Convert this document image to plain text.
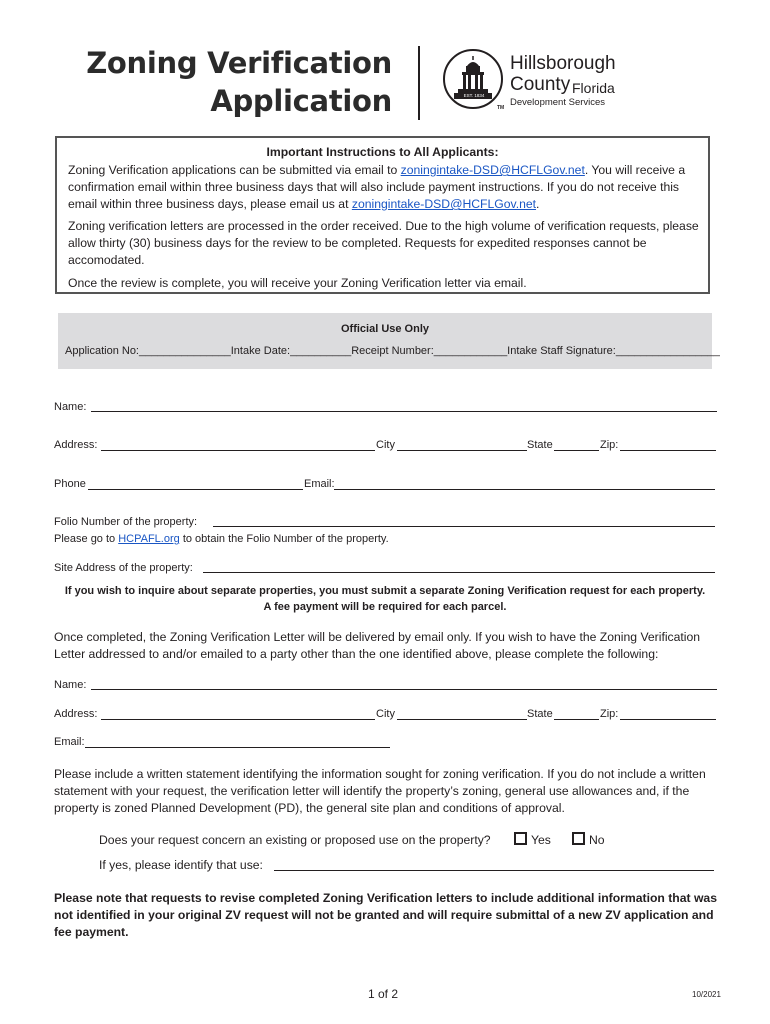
Zoning Verification
Application	EST. 1834
Hillsborough
County Florida
Development Services
TM
Important Instructions to All Applicants:
Zoning Verification applications can be submitted via email to zoningintake-DSD@HCFLGov.net. You will receive a confirmation email within three business days that will also include payment instructions. If you do not receive this email within three business days, please email us at zoningintake-DSD@HCFLGov.net.
Zoning verification letters are processed in the order received. Due to the high volume of verification requests, please allow thirty (30) business days for the review to be completed. Requests for expedited responses cannot be accomodated.
Once the review is complete, you will receive your Zoning Verification letter via email.
Official Use Only
Application No:_______________Intake Date:__________Receipt Number:____________Intake Staff Signature:_________________
Name:
Address:	City	State	Zip:
Phone	Email:
Folio Number of the property:
Please go to HCPAFL.org to obtain the Folio Number of the property.
Site Address of the property:
If you wish to inquire about separate properties, you must submit a separate Zoning Verification request for each property.
A fee payment will be required for each parcel.
Once completed, the Zoning Verification Letter will be delivered by email only. If you wish to have the Zoning Verification Letter addressed to and/or emailed to a party other than the one identified above, please complete the following:
Name:
Address:	City	State	Zip:
Email:
Please include a written statement identifying the information sought for zoning verification. If you do not include a written statement with your request, the verification letter will identify the property’s zoning, general use allowances and, if the property is zoned Planned Development (PD), the general site plan and conditions of approval.
Does your request concern an existing or proposed use on the property?	Yes	No
If yes, please identify that use:
Please note that requests to revise completed Zoning Verification letters to include additional information that was not identified in your original ZV request will not be granted and will require submittal of a new ZV application and fee payment.
1 of 2	10/2021
